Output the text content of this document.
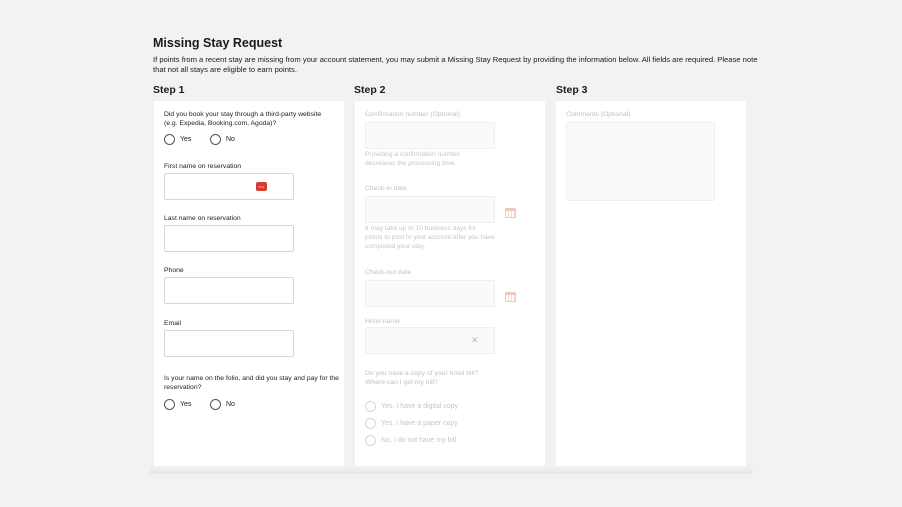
Missing Stay Request
If points from a recent stay are missing from your account statement, you may submit a Missing Stay Request by providing the information below. All fields are required. Please note that not all stays are eligible to earn points.
Step 1	Step 2	Step 3
Did you book your stay through a third-party website (e.g. Expedia, Booking.com, Agoda)?
Yes	No
First name on reservation
•••
Last name on reservation
Phone
Email
Is your name on the folio, and did you stay and pay for the reservation?
Yes	No
Confirmation number (Optional)
Providing a confirmation number decreases the processing time.
Check-in date
It may take up to 10 business days for points to post to your account after you have completed your stay.
Check-out date
Hotel name
✕
Do you have a copy of your hotel bill?
Where can I get my bill?
Yes, I have a digital copy
Yes, I have a paper copy
No, I do not have my bill
Comments (Optional)
